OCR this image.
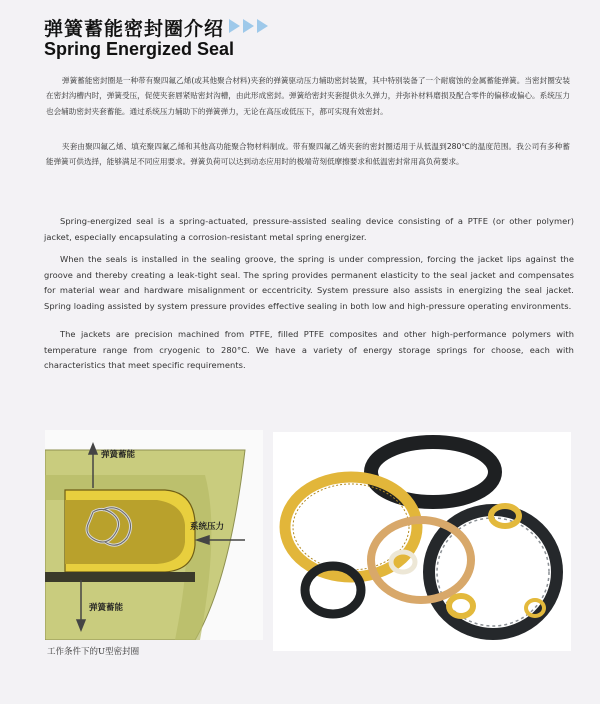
弹簧蓄能密封圈介绍
Spring Energized Seal

弹簧蓄能密封圈是一种带有聚四氟乙烯(或其他聚合材料)夹套的弹簧驱动压力辅助密封装置，其中特别装备了一个耐腐蚀的金属蓄能弹簧。当密封圈安装在密封沟槽内时，弹簧受压，促使夹套唇紧贴密封沟槽，由此形成密封。弹簧给密封夹套提供永久弹力，并弥补材料磨损及配合零件的偏移或偏心。系统压力也会辅助密封夹套蓄能。通过系统压力辅助下的弹簧弹力，无论在高压或低压下，都可实现有效密封。

夹套由聚四氟乙烯、填充聚四氟乙烯和其他高功能聚合物材料制成。带有聚四氟乙烯夹套的密封圈适用于从低温到280℃的温度范围。我公司有多种蓄能弹簧可供选择，能够满足不同应用要求。弹簧负荷可以达到动态应用时的极端苛刻低摩擦要求和低温密封常用高负荷要求。

Spring-energized seal is a spring-actuated, pressure-assisted sealing device consisting of a PTFE (or other polymer) jacket, especially encapsulating a corrosion-resistant metal spring energizer.

When the seals is installed in the sealing groove, the spring is under compression, forcing the jacket lips against the groove and thereby creating a leak-tight seal. The spring provides permanent elasticity to the seal jacket and compensates for material wear and hardware misalignment or eccentricity. System pressure also assists in energizing the seal jacket. Spring loading assisted by system pressure provides effective sealing in both low and high-pressure operating environments.

The jackets are precision machined from PTFE, filled PTFE composites and other high-performance polymers with temperature range from cryogenic to 280°C. We have a variety of energy storage springs for choose, each with characteristics that meet specific requirements.

弹簧蓄能
系统压力
弹簧蓄能
工作条件下的U型密封圈
